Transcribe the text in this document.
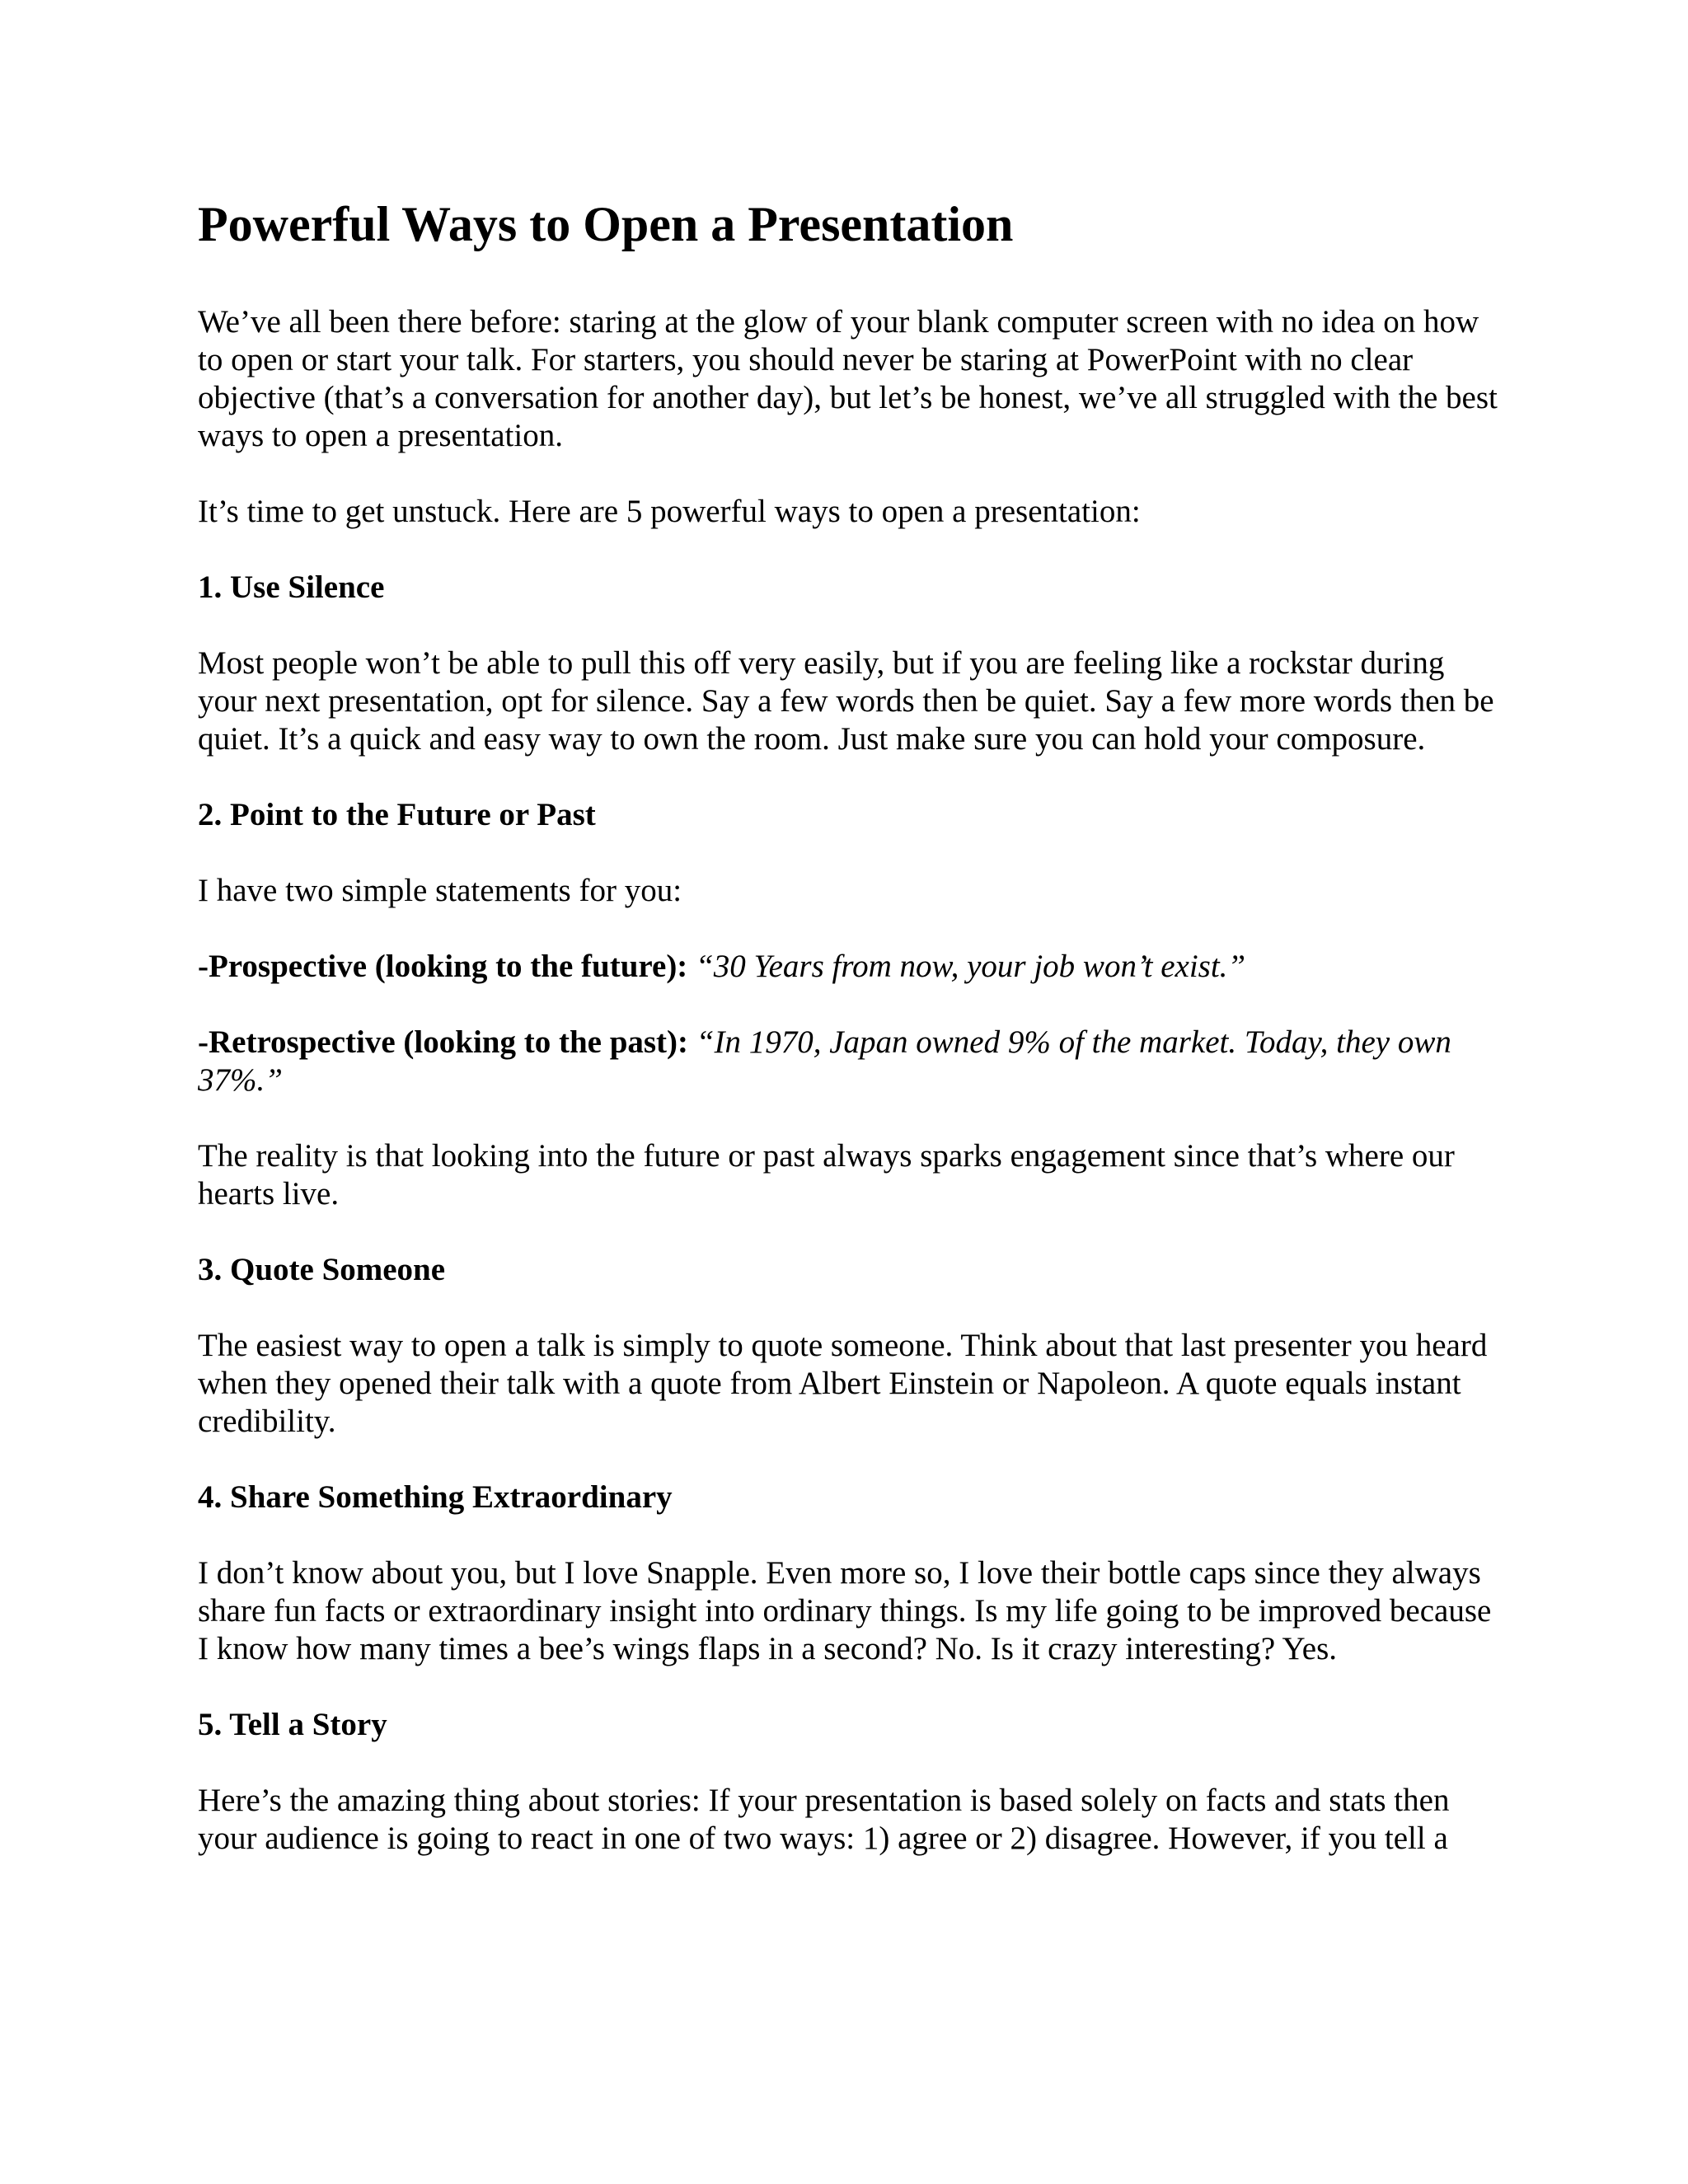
Powerful Ways to Open a Presentation

We’ve all been there before: staring at the glow of your blank computer screen with no idea on how to open or start your talk. For starters, you should never be staring at PowerPoint with no clear objective (that’s a conversation for another day), but let’s be honest, we’ve all struggled with the best ways to open a presentation.

It’s time to get unstuck. Here are 5 powerful ways to open a presentation:

1. Use Silence

Most people won’t be able to pull this off very easily, but if you are feeling like a rockstar during your next presentation, opt for silence. Say a few words then be quiet. Say a few more words then be quiet. It’s a quick and easy way to own the room. Just make sure you can hold your composure.

2. Point to the Future or Past

I have two simple statements for you:

-Prospective (looking to the future): “30 Years from now, your job won’t exist.”

-Retrospective (looking to the past): “In 1970, Japan owned 9% of the market. Today, they own 37%.”

The reality is that looking into the future or past always sparks engagement since that’s where our hearts live.

3. Quote Someone

The easiest way to open a talk is simply to quote someone. Think about that last presenter you heard when they opened their talk with a quote from Albert Einstein or Napoleon. A quote equals instant credibility.

4. Share Something Extraordinary

I don’t know about you, but I love Snapple. Even more so, I love their bottle caps since they always share fun facts or extraordinary insight into ordinary things. Is my life going to be improved because I know how many times a bee’s wings flaps in a second? No. Is it crazy interesting? Yes.

5. Tell a Story

Here’s the amazing thing about stories: If your presentation is based solely on facts and stats then your audience is going to react in one of two ways: 1) agree or 2) disagree. However, if you tell a
